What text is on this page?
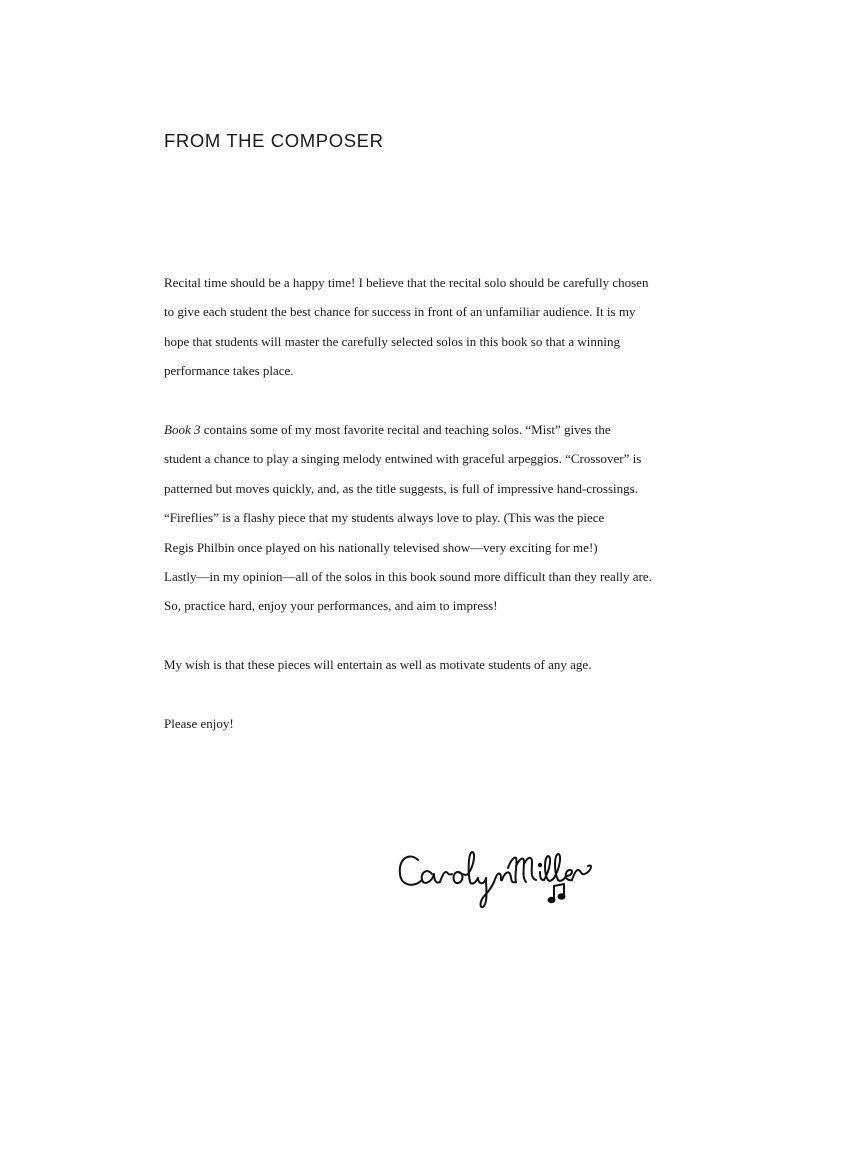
FROM THE COMPOSER

Recital time should be a happy time! I believe that the recital solo should be carefully chosen
to give each student the best chance for success in front of an unfamiliar audience. It is my
hope that students will master the carefully selected solos in this book so that a winning
performance takes place.

Book 3 contains some of my most favorite recital and teaching solos. “Mist” gives the
student a chance to play a singing melody entwined with graceful arpeggios. “Crossover” is
patterned but moves quickly, and, as the title suggests, is full of impressive hand-crossings.
“Fireflies” is a flashy piece that my students always love to play. (This was the piece
Regis Philbin once played on his nationally televised show—very exciting for me!)
Lastly—in my opinion—all of the solos in this book sound more difficult than they really are.
So, practice hard, enjoy your performances, and aim to impress!

My wish is that these pieces will entertain as well as motivate students of any age.

Please enjoy!
